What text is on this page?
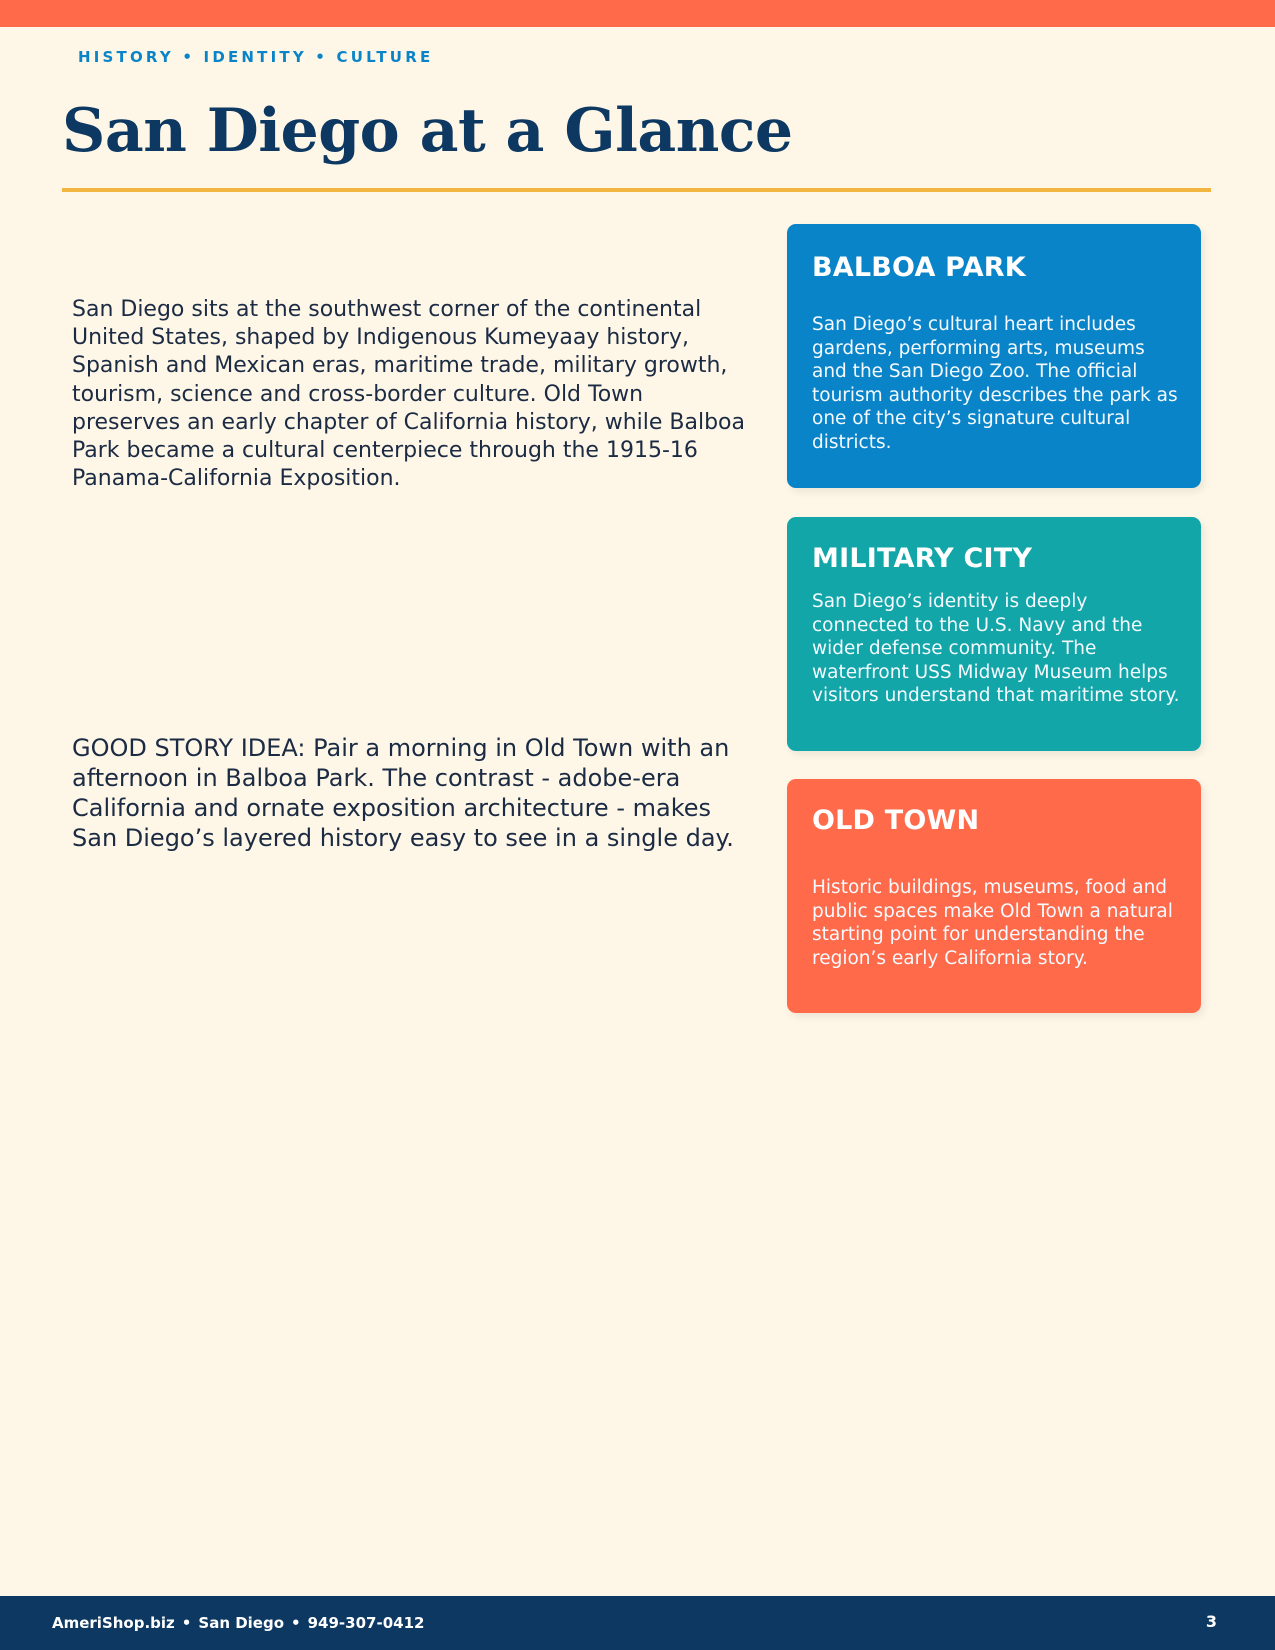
HISTORY • IDENTITY • CULTURE
San Diego at a Glance

San Diego sits at the southwest corner of the continental United States, shaped by Indigenous Kumeyaay history, Spanish and Mexican eras, maritime trade, military growth, tourism, science and cross-border culture. Old Town preserves an early chapter of California history, while Balboa Park became a cultural centerpiece through the 1915-16 Panama-California Exposition.

GOOD STORY IDEA: Pair a morning in Old Town with an afternoon in Balboa Park. The contrast - adobe-era California and ornate exposition architecture - makes San Diego’s layered history easy to see in a single day.

BALBOA PARK

San Diego’s cultural heart includes gardens, performing arts, museums and the San Diego Zoo. The official tourism authority describes the park as one of the city’s signature cultural districts.

MILITARY CITY

San Diego’s identity is deeply connected to the U.S. Navy and the wider defense community. The waterfront USS Midway Museum helps visitors understand that maritime story.

OLD TOWN

Historic buildings, museums, food and public spaces make Old Town a natural starting point for understanding the region’s early California story.

AmeriShop.biz • San Diego • 949-307-0412	3
